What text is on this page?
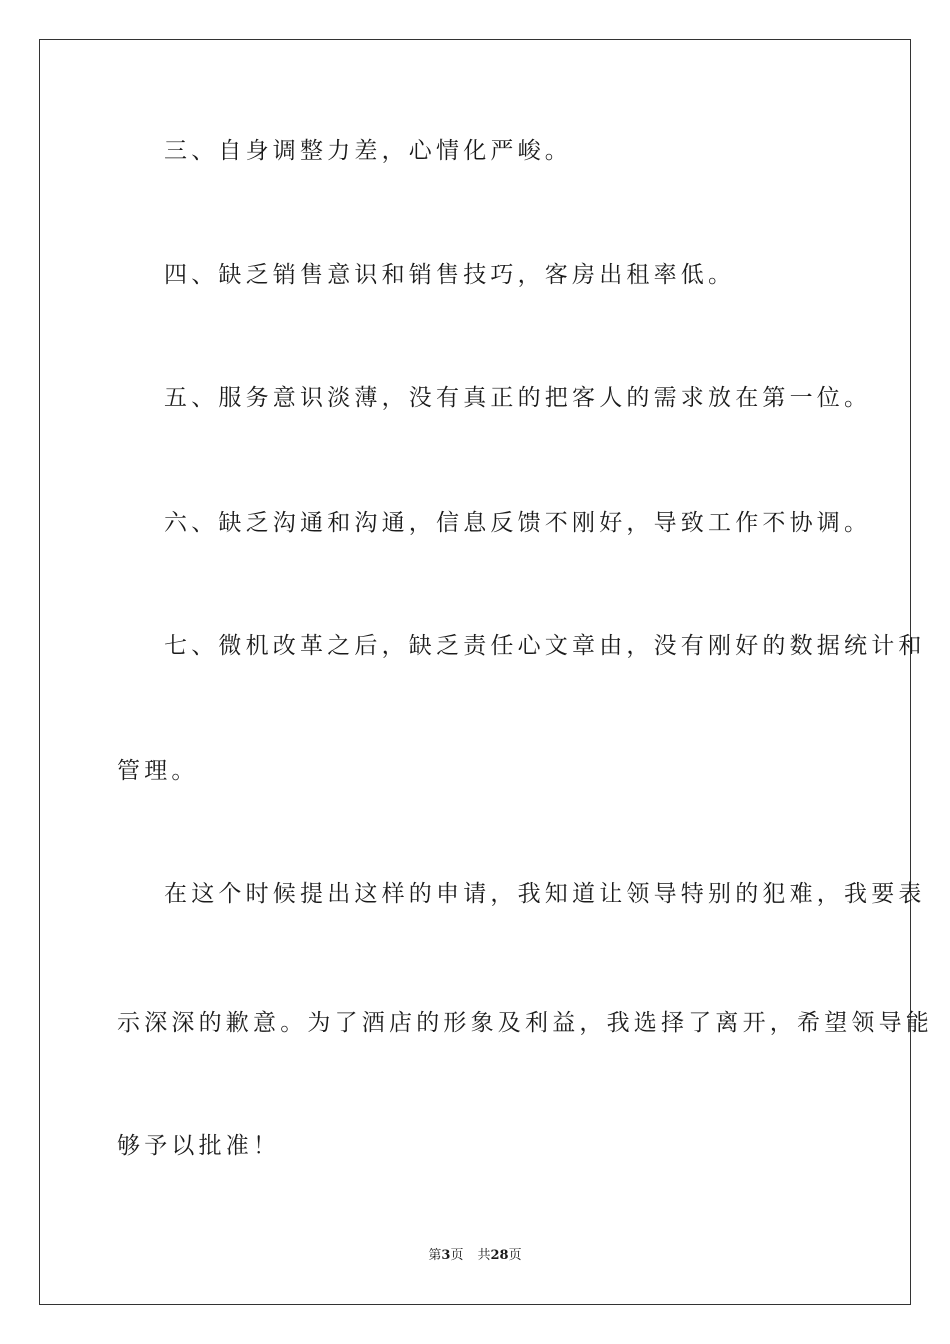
三、自身调整力差，心情化严峻。

四、缺乏销售意识和销售技巧，客房出租率低。

五、服务意识淡薄，没有真正的把客人的需求放在第一位。

六、缺乏沟通和沟通，信息反馈不刚好，导致工作不协调。

七、微机改革之后，缺乏责任心文章由，没有刚好的数据统计和

管理。

在这个时候提出这样的申请，我知道让领导特别的犯难，我要表

示深深的歉意。为了酒店的形象及利益，我选择了离开，希望领导能

够予以批准！

第3页 共28页
